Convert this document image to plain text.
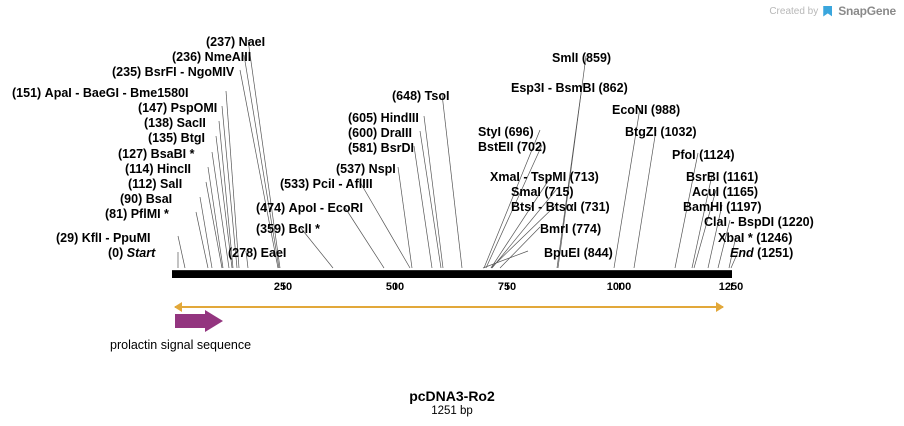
Created by SnapGene
250	500	750	1000	1250
prolactin signal sequence
(151) ApaI - BaeGI - Bme1580I
(147) PspOMI
(138) SacII
(135) BtgI
(127) BsaBI *
(114) HincII
(112) SalI
(90) BsaI
(81) PflMI *
(29) KflI - PpuMI
(0) Start
(237) NaeI
(236) NmeAIII
(235) BsrFI - NgoMIV
(533) PciI - AflIII
(474) ApoI - EcoRI
(359) BclI *
(278) EaeI
(648) TsoI
(605) HindIII
(600) DraIII
(581) BsrDI
(537) NspI
StyI (696)
BstEII (702)
XmaI - TspMI (713)
SmaI (715)
BtsI - BtsαI (731)
BmrI (774)
BpuEI (844)
SmlI (859)
Esp3I - BsmBI (862)
EcoNI (988)
BtgZI (1032)
PfoI (1124)
BsrBI (1161)
AcuI (1165)
BamHI (1197)
ClaI - BspDI (1220)
XbaI * (1246)
End (1251)
pcDNA3-Ro2
1251 bp
